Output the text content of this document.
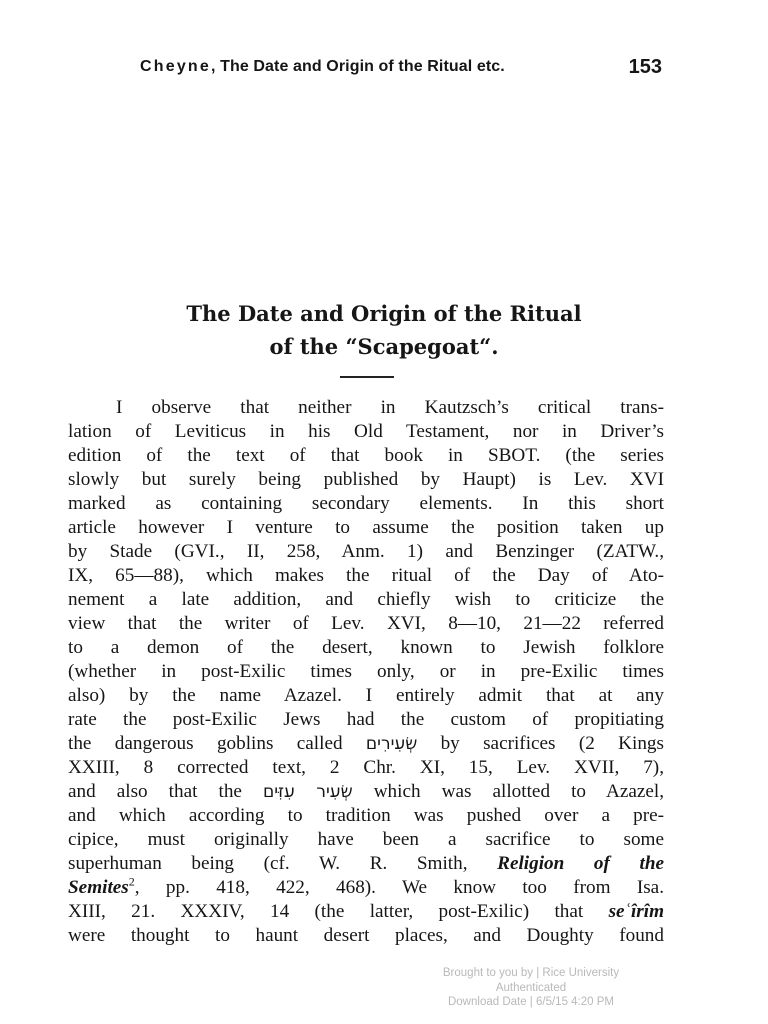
Cheyne, The Date and Origin of the Ritual etc.	153
The Date and Origin of the Ritual
of the “Scapegoat“.
I observe that neither in Kautzsch’s critical trans-
lation of Leviticus in his Old Testament, nor in Driver’s
edition of the text of that book in SBOT. (the series
slowly but surely being published by Haupt) is Lev. XVI
marked as containing secondary elements. In this short
article however I venture to assume the position taken up
by Stade (GVI., II, 258, Anm. 1) and Benzinger (ZATW.,
IX, 65—88), which makes the ritual of the Day of Ato-
nement a late addition, and chiefly wish to criticize the
view that the writer of Lev. XVI, 8—10, 21—22 referred
to a demon of the desert, known to Jewish folklore
(whether in post-Exilic times only, or in pre-Exilic times
also) by the name Azazel. I entirely admit that at any
rate the post-Exilic Jews had the custom of propitiating
the dangerous goblins called שְׂעִירִים by sacrifices (2 Kings
XXIII, 8 corrected text, 2 Chr. XI, 15, Lev. XVII, 7),
and also that the שְׂעִיר עִזִּים which was allotted to Azazel,
and which according to tradition was pushed over a pre-
cipice, must originally have been a sacrifice to some
superhuman being (cf. W. R. Smith, Religion of the
Semites$^2$, pp. 418, 422, 468). We know too from Isa.
XIII, 21. XXXIV, 14 (the latter, post-Exilic) that seʿîrîm
were thought to haunt desert places, and Doughty found
Brought to you by | Rice University
Authenticated
Download Date | 6/5/15 4:20 PM
